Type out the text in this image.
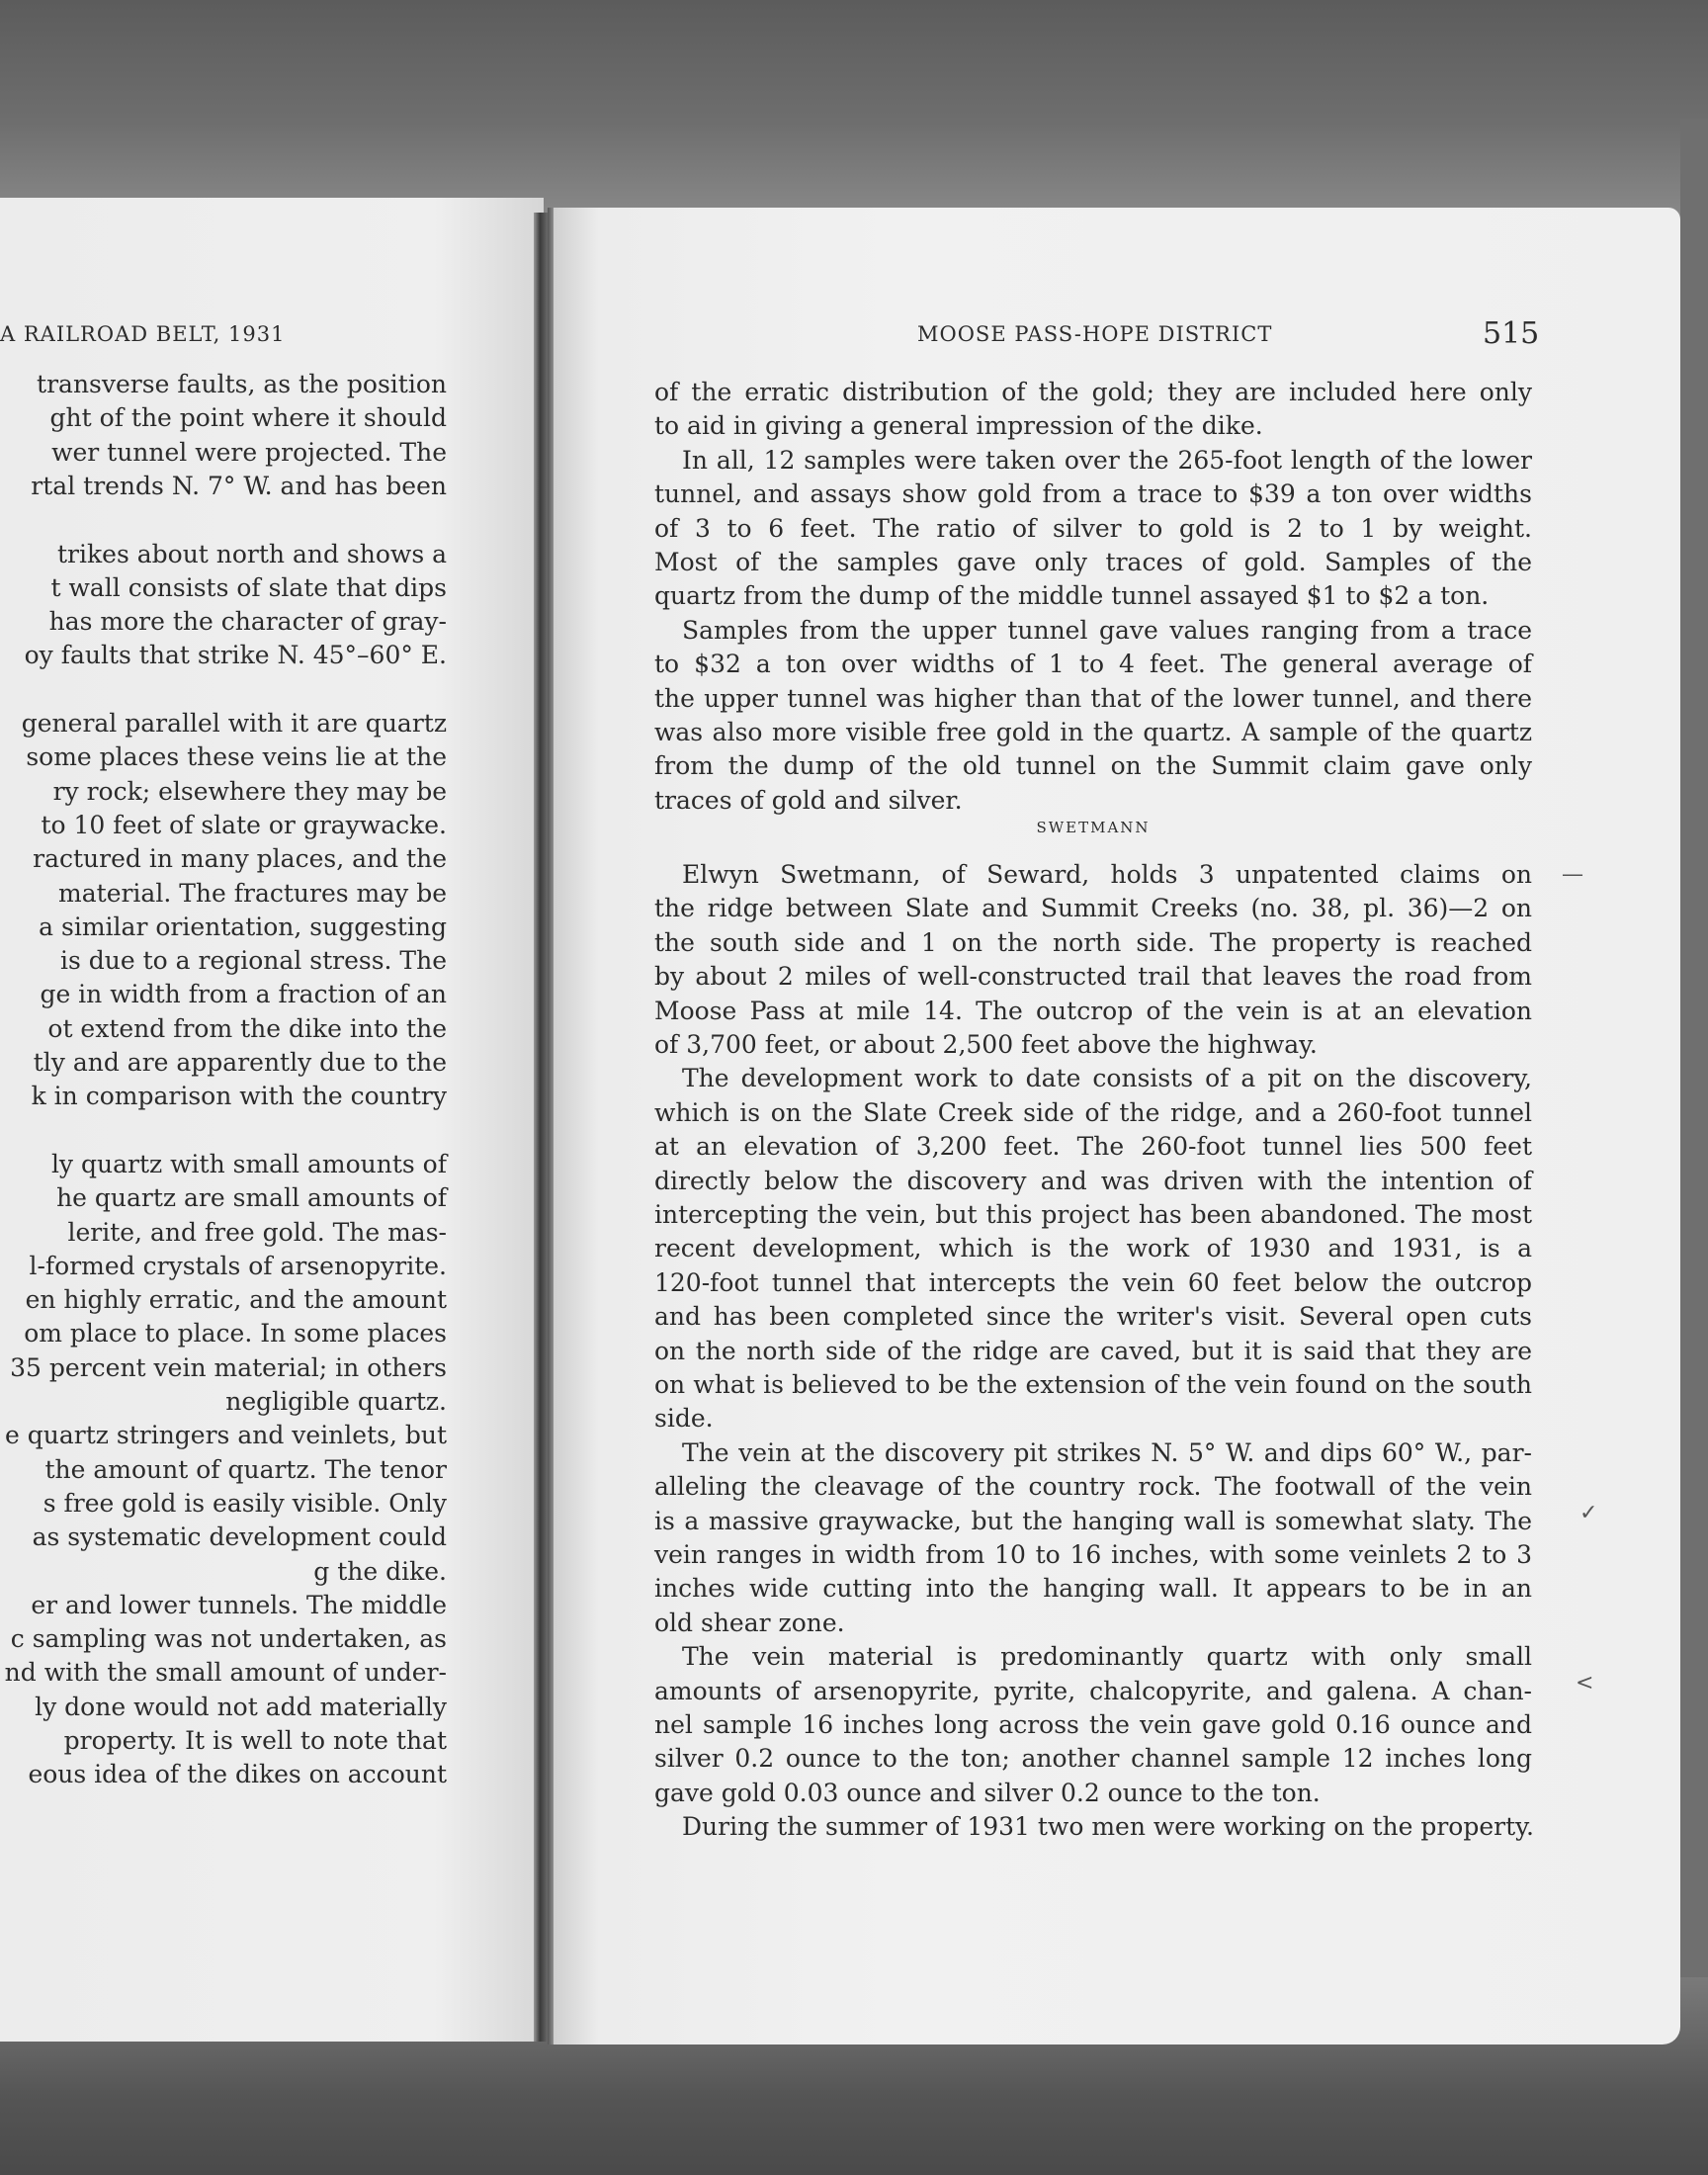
A RAILROAD BELT, 1931
transverse faults, as the position
ght of the point where it should
wer tunnel were projected. The
rtal trends N. 7° W. and has been
trikes about north and shows a
t wall consists of slate that dips
has more the character of gray-
oy faults that strike N. 45°–60° E.
general parallel with it are quartz
some places these veins lie at the
ry rock; elsewhere they may be
to 10 feet of slate or graywacke.
ractured in many places, and the
material. The fractures may be
a similar orientation, suggesting
is due to a regional stress. The
ge in width from a fraction of an
ot extend from the dike into the
tly and are apparently due to the
k in comparison with the country
ly quartz with small amounts of
he quartz are small amounts of
lerite, and free gold. The mas-
l-formed crystals of arsenopyrite.
en highly erratic, and the amount
om place to place. In some places
35 percent vein material; in others
negligible quartz.
e quartz stringers and veinlets, but
the amount of quartz. The tenor
s free gold is easily visible. Only
as systematic development could
g the dike.
er and lower tunnels. The middle
c sampling was not undertaken, as
nd with the small amount of under-
ly done would not add materially
property. It is well to note that
eous idea of the dikes on account
MOOSE PASS-HOPE DISTRICT	515
of the erratic distribution of the gold; they are included here only
to aid in giving a general impression of the dike.
In all, 12 samples were taken over the 265-foot length of the lower
tunnel, and assays show gold from a trace to $39 a ton over widths
of 3 to 6 feet. The ratio of silver to gold is 2 to 1 by weight.
Most of the samples gave only traces of gold. Samples of the
quartz from the dump of the middle tunnel assayed $1 to $2 a ton.
Samples from the upper tunnel gave values ranging from a trace
to $32 a ton over widths of 1 to 4 feet. The general average of
the upper tunnel was higher than that of the lower tunnel, and there
was also more visible free gold in the quartz. A sample of the quartz
from the dump of the old tunnel on the Summit claim gave only
traces of gold and silver.
Elwyn Swetmann, of Seward, holds 3 unpatented claims on
the ridge between Slate and Summit Creeks (no. 38, pl. 36)—2 on
the south side and 1 on the north side. The property is reached
by about 2 miles of well-constructed trail that leaves the road from
Moose Pass at mile 14. The outcrop of the vein is at an elevation
of 3,700 feet, or about 2,500 feet above the highway.
The development work to date consists of a pit on the discovery,
which is on the Slate Creek side of the ridge, and a 260-foot tunnel
at an elevation of 3,200 feet. The 260-foot tunnel lies 500 feet
directly below the discovery and was driven with the intention of
intercepting the vein, but this project has been abandoned. The most
recent development, which is the work of 1930 and 1931, is a
120-foot tunnel that intercepts the vein 60 feet below the outcrop
and has been completed since the writer's visit. Several open cuts
on the north side of the ridge are caved, but it is said that they are
on what is believed to be the extension of the vein found on the south
side.
The vein at the discovery pit strikes N. 5° W. and dips 60° W., par-
alleling the cleavage of the country rock. The footwall of the vein
is a massive graywacke, but the hanging wall is somewhat slaty. The
vein ranges in width from 10 to 16 inches, with some veinlets 2 to 3
inches wide cutting into the hanging wall. It appears to be in an
old shear zone.
The vein material is predominantly quartz with only small
amounts of arsenopyrite, pyrite, chalcopyrite, and galena. A chan-
nel sample 16 inches long across the vein gave gold 0.16 ounce and
silver 0.2 ounce to the ton; another channel sample 12 inches long
gave gold 0.03 ounce and silver 0.2 ounce to the ton.
During the summer of 1931 two men were working on the property.
SWETMANN
—
✓
<
